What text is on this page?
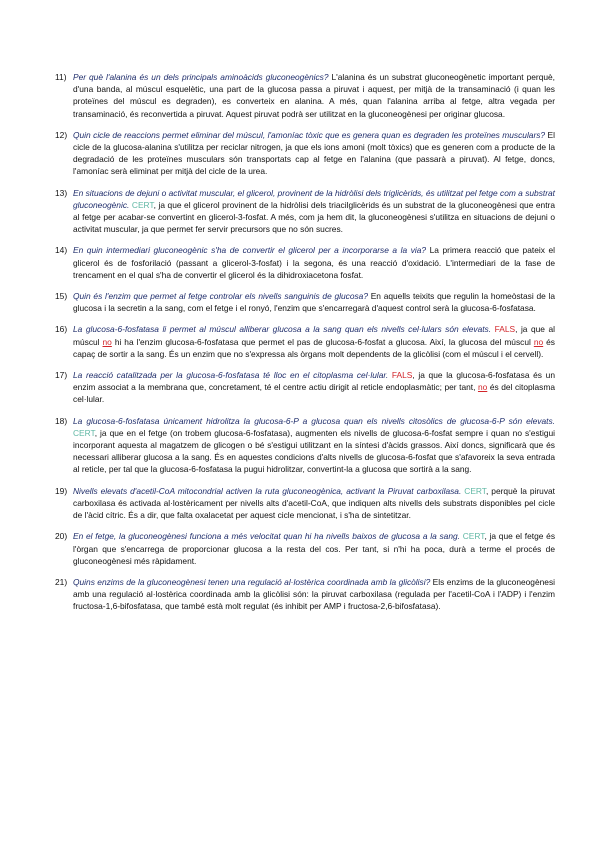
11) Per què l'alanina és un dels principals aminoàcids gluconeogènics? L'alanina és un substrat gluconeogènetic important perquè, d'una banda, al múscul esquelètic, una part de la glucosa passa a piruvat i aquest, per mitjà de la transaminació (i quan les proteïnes del múscul es degraden), es converteix en alanina. A més, quan l'alanina arriba al fetge, altra vegada per transaminació, és reconvertida a piruvat. Aquest piruvat podrà ser utilitzat en la gluconeogènesi per originar glucosa.
12) Quin cicle de reaccions permet eliminar del múscul, l'amoníac tòxic que es genera quan es degraden les proteïnes musculars? El cicle de la glucosa-alanina s'utilitza per reciclar nitrogen, ja que els ions amoni (molt tòxics) que es generen com a producte de la degradació de les proteïnes musculars són transportats cap al fetge en l'alanina (que passarà a piruvat). Al fetge, doncs, l'amoníac serà eliminat per mitjà del cicle de la urea.
13) En situacions de dejuni o activitat muscular, el glicerol, provinent de la hidròlisi dels triglicèrids, és utilitzat pel fetge com a substrat gluconeogènic. CERT, ja que el glicerol provinent de la hidròlisi dels triacilglicèrids és un substrat de la gluconeogènesi que entra al fetge per acabar-se convertint en glicerol-3-fosfat. A més, com ja hem dit, la gluconeogènesi s'utilitza en situacions de dejuni o activitat muscular, ja que permet fer servir precursors que no són sucres.
14) En quin intermediari gluconeogènic s'ha de convertir el glicerol per a incorporarse a la via? La primera reacció que pateix el glicerol és de fosforilació (passant a glicerol-3-fosfat) i la segona, és una reacció d'oxidació. L'intermediari de la fase de trencament en el qual s'ha de convertir el glicerol és la dihidroxiacetona fosfat.
15) Quin és l'enzim que permet al fetge controlar els nivells sanguinis de glucosa? En aquells teixits que regulin la homeòstasi de la glucosa i la secretin a la sang, com el fetge i el ronyó, l'enzim que s'encarregarà d'aquest control serà la glucosa-6-fosfatasa.
16) La glucosa-6-fosfatasa li permet al múscul alliberar glucosa a la sang quan els nivells cel·lulars són elevats. FALS, ja que al múscul no hi ha l'enzim glucosa-6-fosfatasa que permet el pas de glucosa-6-fosfat a glucosa. Així, la glucosa del múscul no és capaç de sortir a la sang. És un enzim que no s'expressa als òrgans molt dependents de la glicòlisi (com el múscul i el cervell).
17) La reacció catalitzada per la glucosa-6-fosfatasa té lloc en el citoplasma cel·lular. FALS, ja que la glucosa-6-fosfatasa és un enzim associat a la membrana que, concretament, té el centre actiu dirigit al reticle endoplasmàtic; per tant, no és del citoplasma cel·lular.
18) La glucosa-6-fosfatasa únicament hidrolitza la glucosa-6-P a glucosa quan els nivells citosòlics de glucosa-6-P són elevats. CERT, ja que en el fetge (on trobem glucosa-6-fosfatasa), augmenten els nivells de glucosa-6-fosfat sempre i quan no s'estigui incorporant aquesta al magatzem de glicogen o bé s'estigui utilitzant en la síntesi d'àcids grassos. Així doncs, significarà que és necessari alliberar glucosa a la sang. És en aquestes condicions d'alts nivells de glucosa-6-fosfat que s'afavoreix la seva entrada al reticle, per tal que la glucosa-6-fosfatasa la pugui hidrolitzar, convertint-la a glucosa que sortirà a la sang.
19) Nivells elevats d'acetil-CoA mitocondrial activen la ruta gluconeogènica, activant la Piruvat carboxilasa. CERT, perquè la piruvat carboxilasa és activada al·lostèricament per nivells alts d'acetil-CoA, que indiquen alts nivells dels substrats disponibles pel cicle de l'àcid cítric. És a dir, que falta oxalacetat per aquest cicle mencionat, i s'ha de sintetitzar.
20) En el fetge, la gluconeogènesi funciona a més velocitat quan hi ha nivells baixos de glucosa a la sang. CERT, ja que el fetge és l'òrgan que s'encarrega de proporcionar glucosa a la resta del cos. Per tant, si n'hi ha poca, durà a terme el procés de gluconeogènesi més ràpidament.
21) Quins enzims de la gluconeogènesi tenen una regulació al·lostèrica coordinada amb la glicòlisi? Els enzims de la gluconeogènesi amb una regulació al·lostèrica coordinada amb la glicòlisi són: la piruvat carboxilasa (regulada per l'acetil-CoA i l'ADP) i l'enzim fructosa-1,6-bifosfatasa, que també està molt regulat (és inhibit per AMP i fructosa-2,6-bifosfatasa).
